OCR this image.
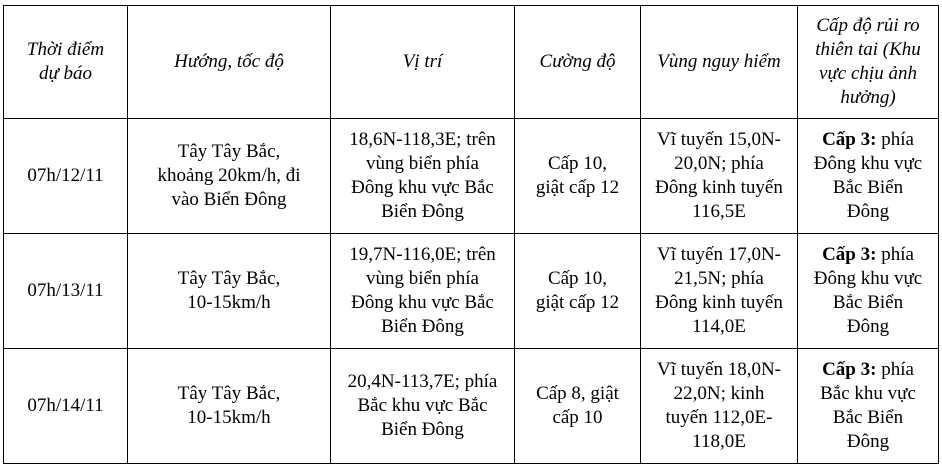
Thời điểm
dự báo	Hướng, tốc độ	Vị trí	Cường độ	Vùng nguy hiểm	Cấp độ rủi ro
thiên tai (Khu
vực chịu ảnh
hưởng)

07h/12/11	Tây Tây Bắc,
khoảng 20km/h, đi
vào Biển Đông	18,6N-118,3E; trên
vùng biển phía
Đông khu vực Bắc
Biển Đông	Cấp 10,
giật cấp 12	Vĩ tuyến 15,0N-
20,0N; phía
Đông kinh tuyến
116,5E	Cấp 3: phía
Đông khu vực
Bắc Biển
Đông

07h/13/11	Tây Tây Bắc,
10-15km/h	19,7N-116,0E; trên
vùng biển phía
Đông khu vực Bắc
Biển Đông	Cấp 10,
giật cấp 12	Vĩ tuyến 17,0N-
21,5N; phía
Đông kinh tuyến
114,0E	Cấp 3: phía
Đông khu vực
Bắc Biển
Đông

07h/14/11	Tây Tây Bắc,
10-15km/h	20,4N-113,7E; phía
Bắc khu vực Bắc
Biển Đông	Cấp 8, giật
cấp 10	Vĩ tuyến 18,0N-
22,0N; kinh
tuyến 112,0E-
118,0E	Cấp 3: phía
Bắc khu vực
Bắc Biển
Đông
